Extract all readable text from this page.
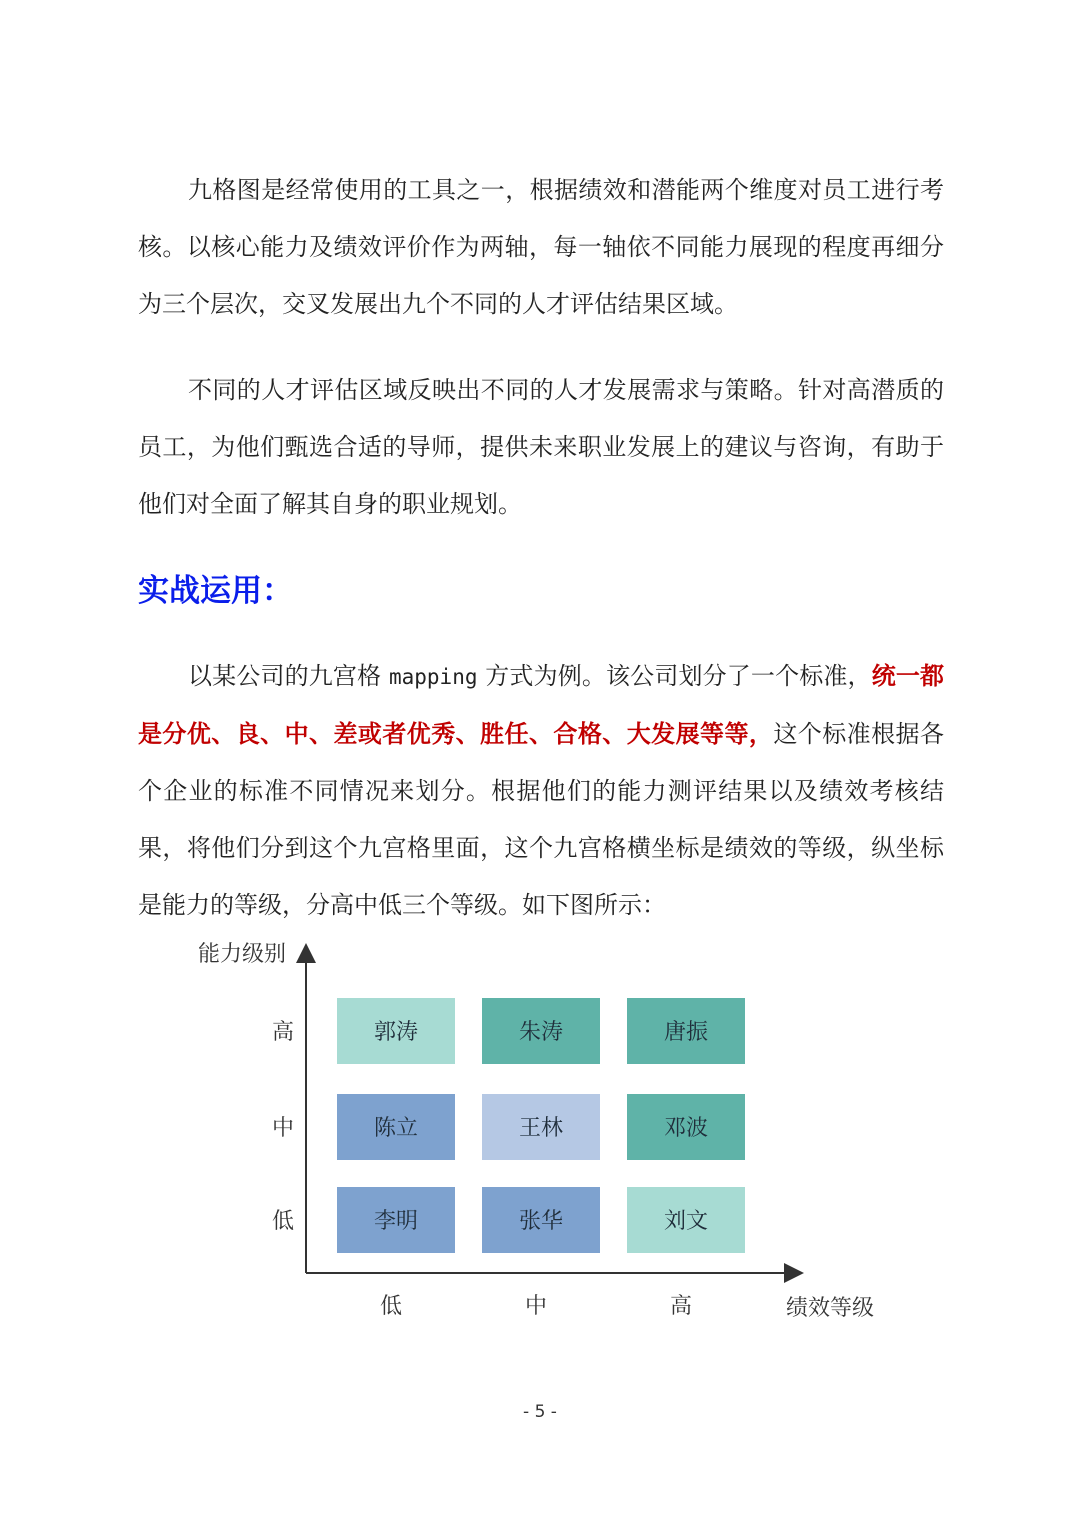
九格图是经常使用的工具之一，根据绩效和潜能两个维度对员工进行考核。以核心能力及绩效评价作为两轴，每一轴依不同能力展现的程度再细分为三个层次，交叉发展出九个不同的人才评估结果区域。

不同的人才评估区域反映出不同的人才发展需求与策略。针对高潜质的员工，为他们甄选合适的导师，提供未来职业发展上的建议与咨询，有助于他们对全面了解其自身的职业规划。

实战运用：

以某公司的九宫格 mapping 方式为例。该公司划分了一个标准，统一都是分优、良、中、差或者优秀、胜任、合格、大发展等等，这个标准根据各个企业的标准不同情况来划分。根据他们的能力测评结果以及绩效考核结果，将他们分到这个九宫格里面，这个九宫格横坐标是绩效的等级，纵坐标是能力的等级，分高中低三个等级。如下图所示：

能力级别
绩效等级
高
中
低
低	中	高
郭涛	朱涛	唐振
陈立	王林	邓波
李明	张华	刘文
- 5 -
